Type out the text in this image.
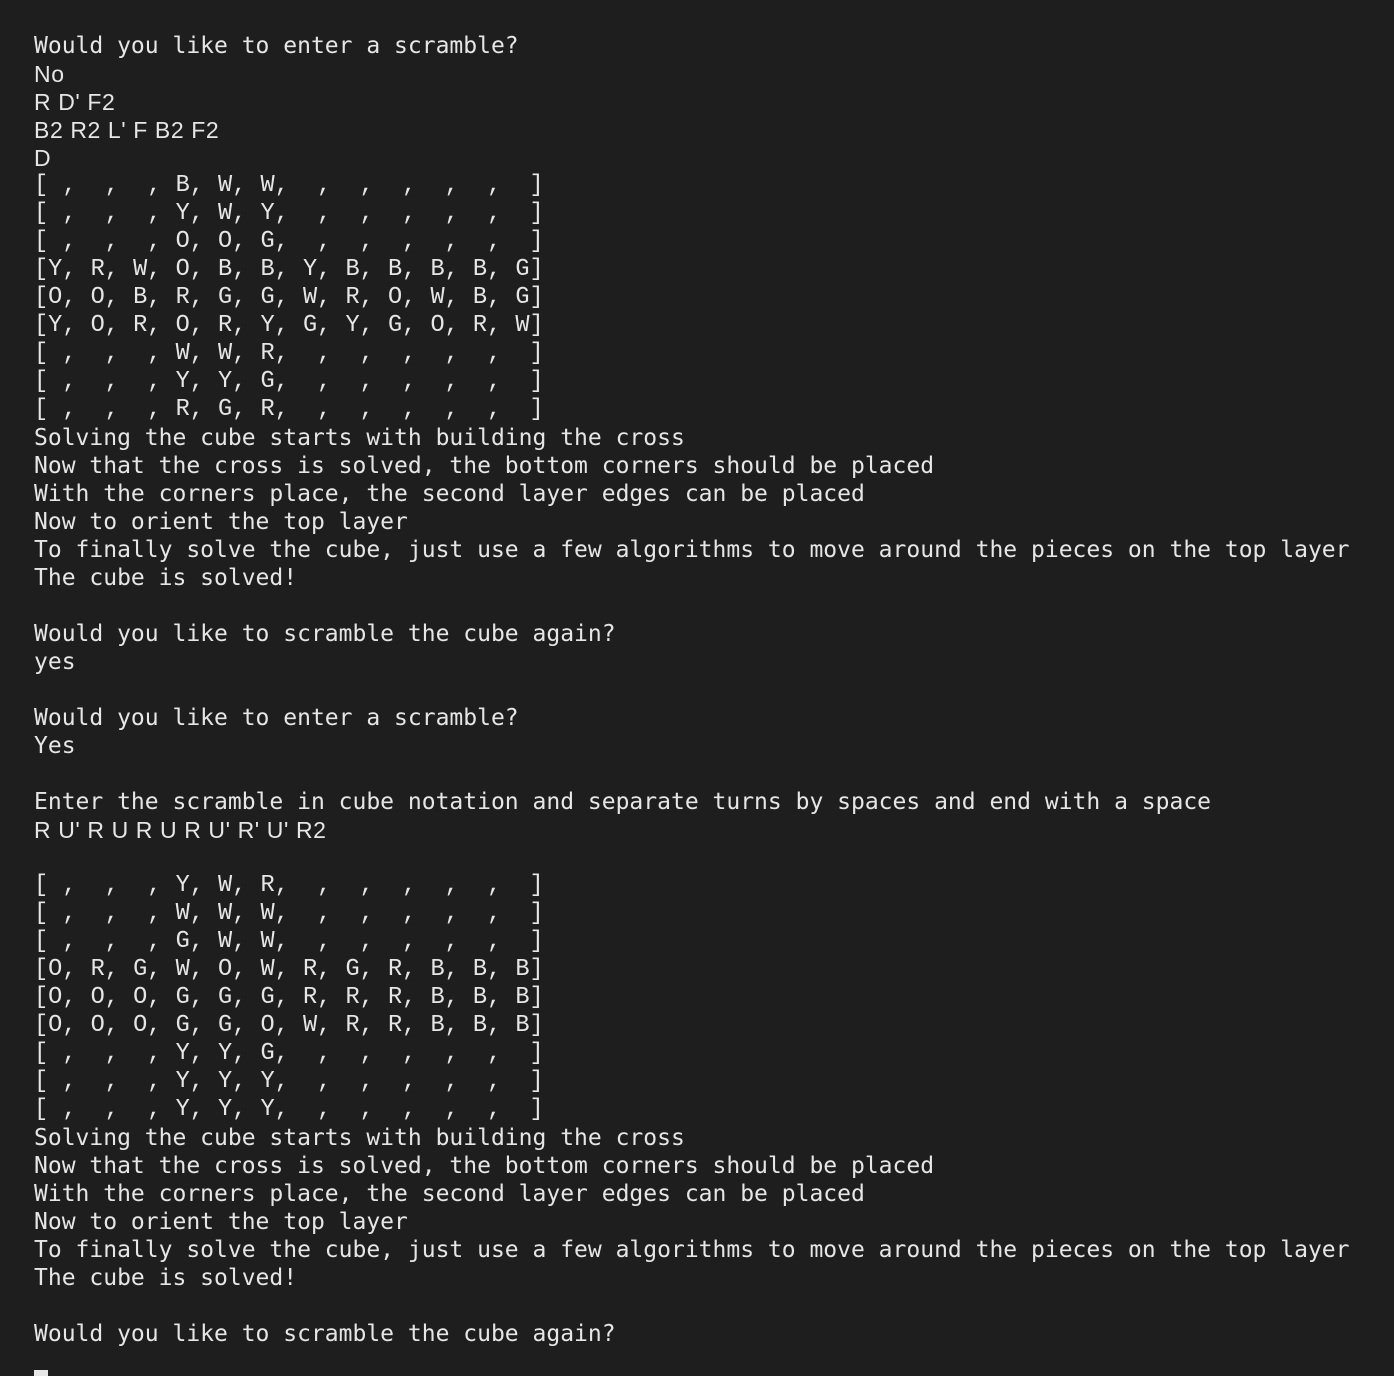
Would you like to enter a scramble?
No
R D' F2
B2 R2 L' F B2 F2
D
[ ,  ,  , B, W, W,  ,  ,  ,  ,  ,  ]
[ ,  ,  , Y, W, Y,  ,  ,  ,  ,  ,  ]
[ ,  ,  , O, O, G,  ,  ,  ,  ,  ,  ]
[Y, R, W, O, B, B, Y, B, B, B, B, G]
[O, O, B, R, G, G, W, R, O, W, B, G]
[Y, O, R, O, R, Y, G, Y, G, O, R, W]
[ ,  ,  , W, W, R,  ,  ,  ,  ,  ,  ]
[ ,  ,  , Y, Y, G,  ,  ,  ,  ,  ,  ]
[ ,  ,  , R, G, R,  ,  ,  ,  ,  ,  ]
Solving the cube starts with building the cross
Now that the cross is solved, the bottom corners should be placed
With the corners place, the second layer edges can be placed
Now to orient the top layer
To finally solve the cube, just use a few algorithms to move around the pieces on the top layer
The cube is solved!
Would you like to scramble the cube again?
yes
Would you like to enter a scramble?
Yes
Enter the scramble in cube notation and separate turns by spaces and end with a space
R U' R U R U R U' R' U' R2
[ ,  ,  , Y, W, R,  ,  ,  ,  ,  ,  ]
[ ,  ,  , W, W, W,  ,  ,  ,  ,  ,  ]
[ ,  ,  , G, W, W,  ,  ,  ,  ,  ,  ]
[O, R, G, W, O, W, R, G, R, B, B, B]
[O, O, O, G, G, G, R, R, R, B, B, B]
[O, O, O, G, G, O, W, R, R, B, B, B]
[ ,  ,  , Y, Y, G,  ,  ,  ,  ,  ,  ]
[ ,  ,  , Y, Y, Y,  ,  ,  ,  ,  ,  ]
[ ,  ,  , Y, Y, Y,  ,  ,  ,  ,  ,  ]
Solving the cube starts with building the cross
Now that the cross is solved, the bottom corners should be placed
With the corners place, the second layer edges can be placed
Now to orient the top layer
To finally solve the cube, just use a few algorithms to move around the pieces on the top layer
The cube is solved!
Would you like to scramble the cube again?
